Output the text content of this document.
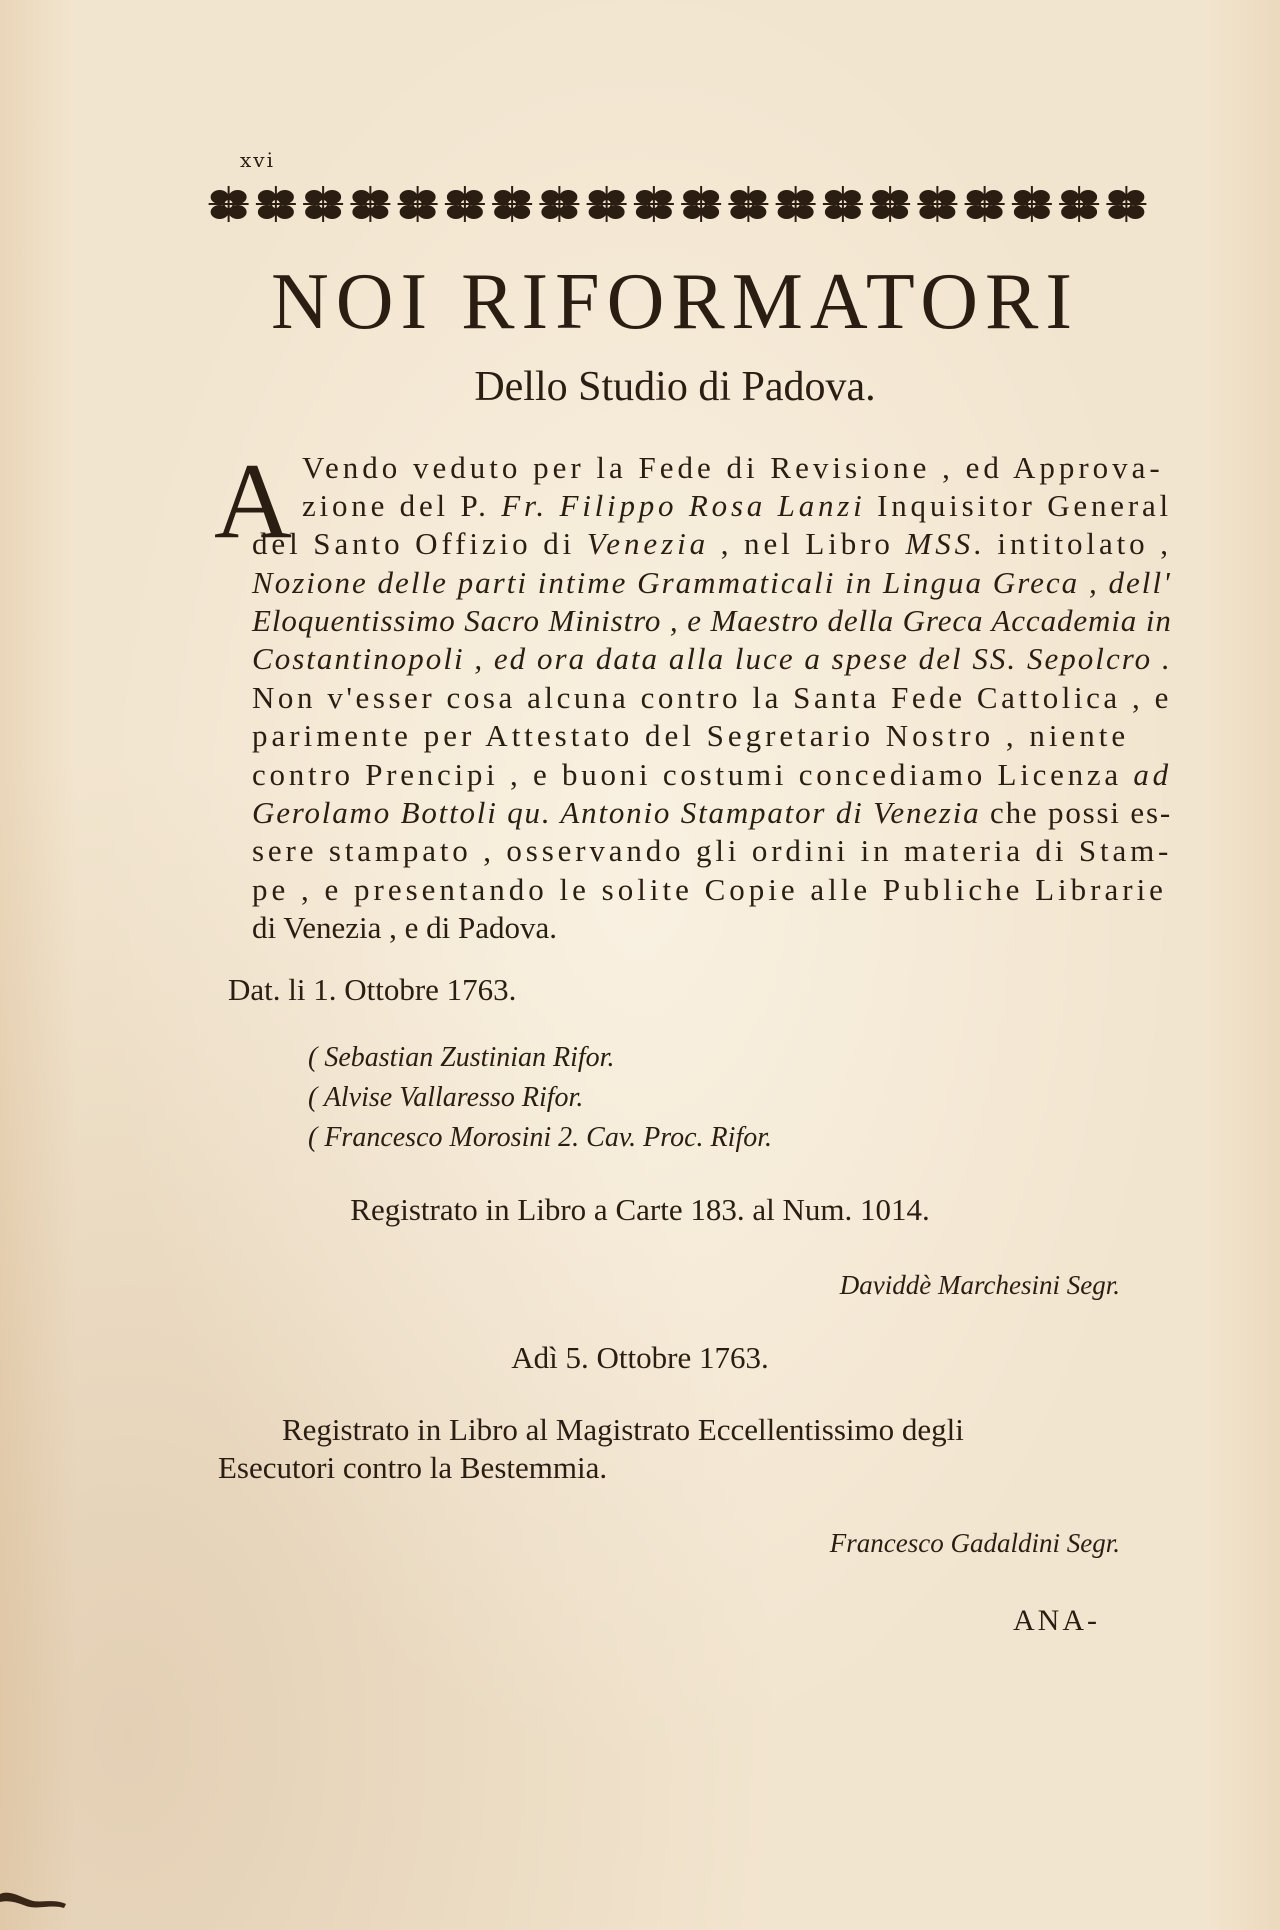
xvi
NOI RIFORMATORI
Dello Studio di Padova.
A Vendo veduto per la Fede di Revisione , ed Approva-
zione del P. Fr. Filippo Rosa Lanzi Inquisitor General
del Santo Offizio di Venezia , nel Libro MSS. intitolato ,
Nozione delle parti intime Grammaticali in Lingua Greca , dell'
Eloquentissimo Sacro Ministro , e Maestro della Greca Accademia in
Costantinopoli , ed ora data alla luce a spese del SS. Sepolcro .
Non v'esser cosa alcuna contro la Santa Fede Cattolica , e
parimente per Attestato del Segretario Nostro , niente
contro Prencipi , e buoni costumi concediamo Licenza ad
Gerolamo Bottoli qu. Antonio Stampator di Venezia che possi es-
sere stampato , osservando gli ordini in materia di Stam-
pe , e presentando le solite Copie alle Publiche Librarie
di Venezia , e di Padova.
Dat. li 1. Ottobre 1763.
( Sebastian Zustinian Rifor.
( Alvise Vallaresso Rifor.
( Francesco Morosini 2. Cav. Proc. Rifor.
Registrato in Libro a Carte 183. al Num. 1014.
Daviddè Marchesini Segr.
Adì 5. Ottobre 1763.
Registrato in Libro al Magistrato Eccellentissimo degli
Esecutori contro la Bestemmia.
Francesco Gadaldini Segr.
ANA-
